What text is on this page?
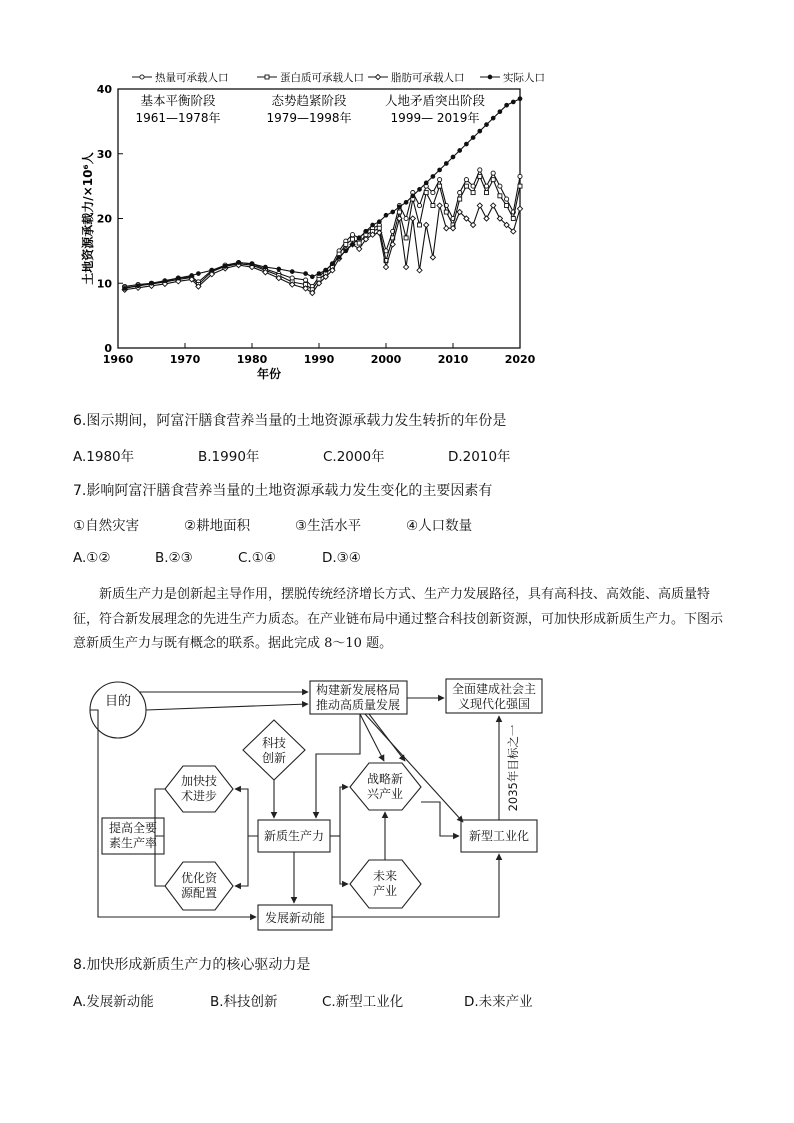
热量可承载人口	蛋白质可承载人口	脂肪可承载人口	实际人口
1960	1970	1980	1990	2000	2010	2020
0
10
20
30
40
年份
土地资源承载力/×10⁶人
基本平衡阶段
1961—1978年
态势趋紧阶段
1979—1998年
人地矛盾突出阶段
1999— 2019年
6.图示期间，阿富汗膳食营养当量的土地资源承载力发生转折的年份是
A.1980年	B.1990年	C.2000年	D.2010年
7.影响阿富汗膳食营养当量的土地资源承载力发生变化的主要因素有
①自然灾害	②耕地面积	③生活水平	④人口数量
A.①②	B.②③	C.①④	D.③④
新质生产力是创新起主导作用，摆脱传统经济增长方式、生产力发展路径，具有高科技、高效能、高质量特征，符合新发展理念的先进生产力质态。在产业链布局中通过整合科技创新资源，可加快形成新质生产力。下图示意新质生产力与既有概念的联系。据此完成 8～10 题。
目的
构建新发展格局
推动高质量发展
全面建成社会主
义现代化强国
科技
创新
加快技
术进步
战略新
兴产业
提高全要
素生产率	新质生产力	新型工业化
优化资
源配置
未来
产业
发展新动能
2035年目标之一
8.加快形成新质生产力的核心驱动力是
A.发展新动能	B.科技创新	C.新型工业化	D.未来产业
